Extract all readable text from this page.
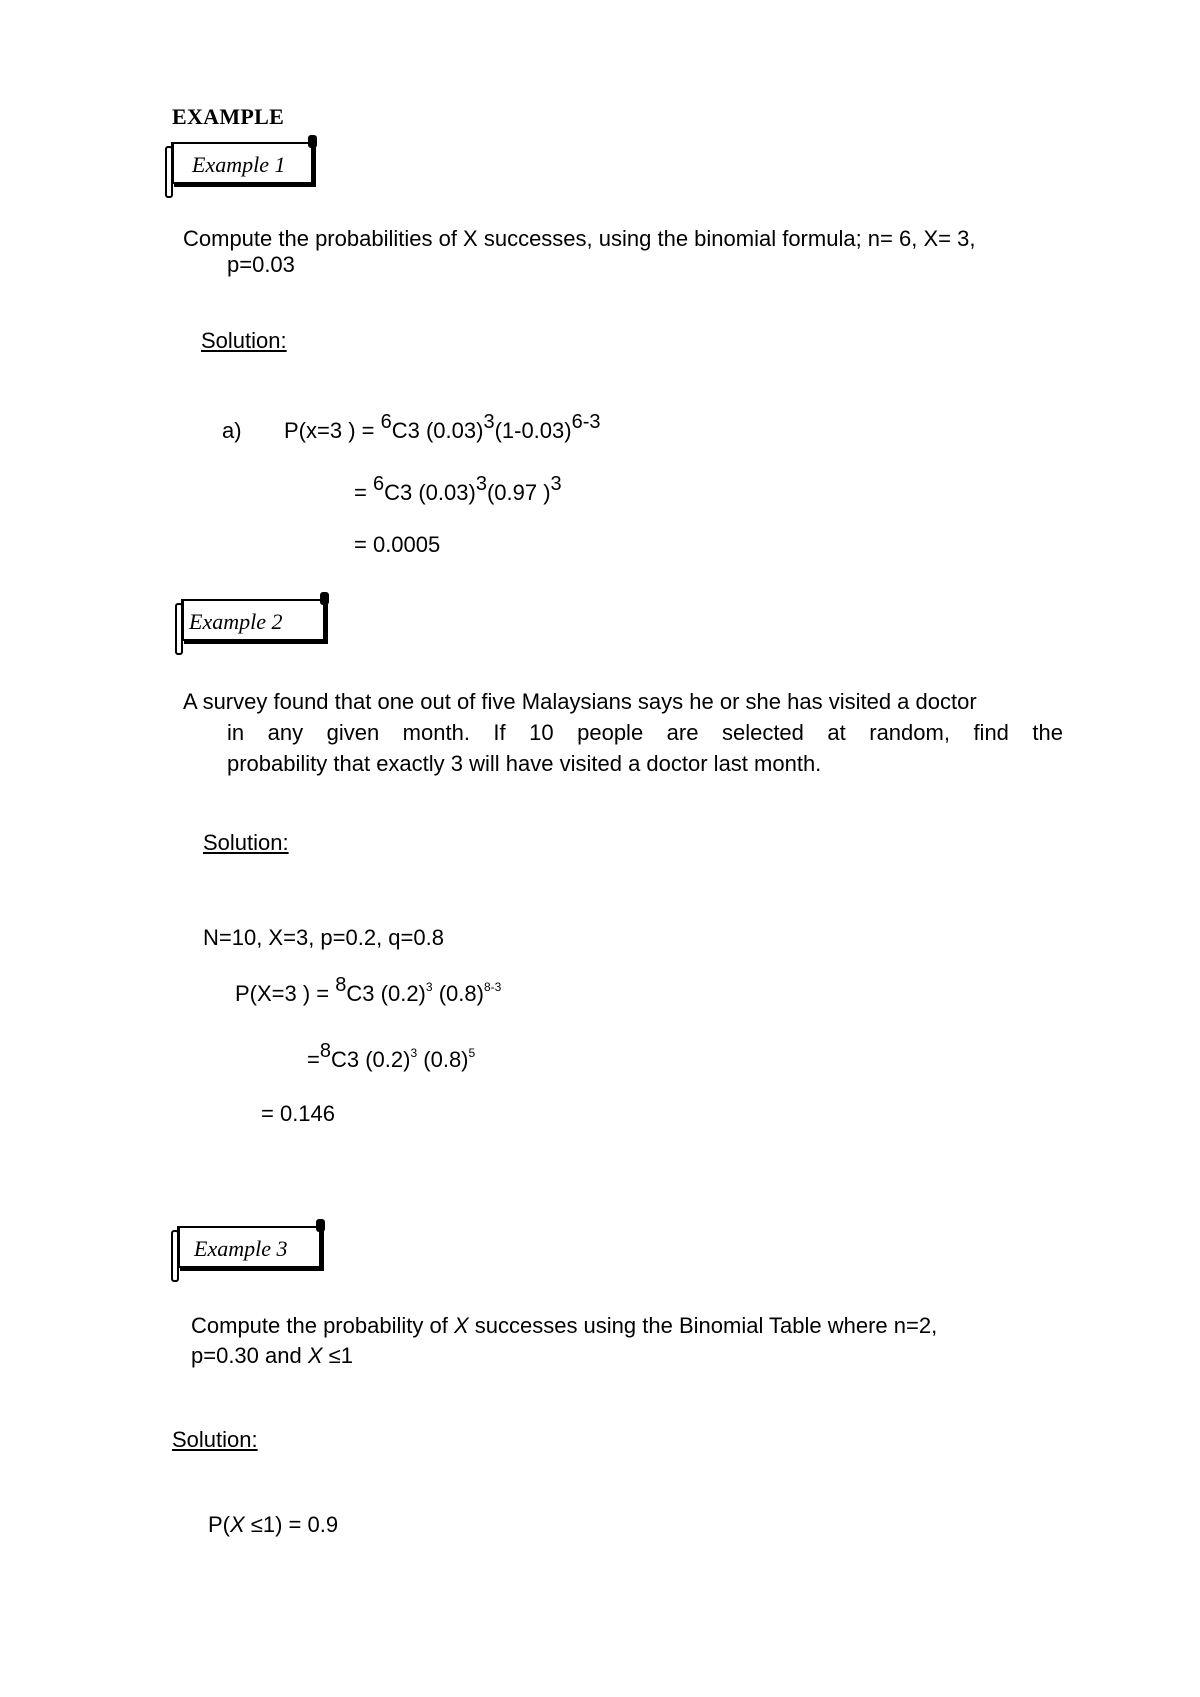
EXAMPLE
Example 1
Compute the probabilities of X successes, using the binomial formula; n= 6, X= 3,
p=0.03
Solution:
a) P(x=3 ) = $^6$C3 $(0.03)^3(1-0.03)^{6-3}$
= $^6$C3 $(0.03)^3(0.97$ )$^3$
= 0.0005
Example 2
A survey found that one out of five Malaysians says he or she has visited a doctor
in any given month. If 10 people are selected at random, find the
probability that exactly 3 will have visited a doctor last month.
Solution:
N=10, X=3, p=0.2, q=0.8
P(X=3 ) = $^8$C3 $(0.2)^3$ $(0.8)^{8-3}$
=$^8$C3 $(0.2)^3$ $(0.8)^5$
= 0.146
Example 3
Compute the probability of X successes using the Binomial Table where n=2,
p=0.30 and X ≤1
Solution:
P(X ≤1) = 0.9
